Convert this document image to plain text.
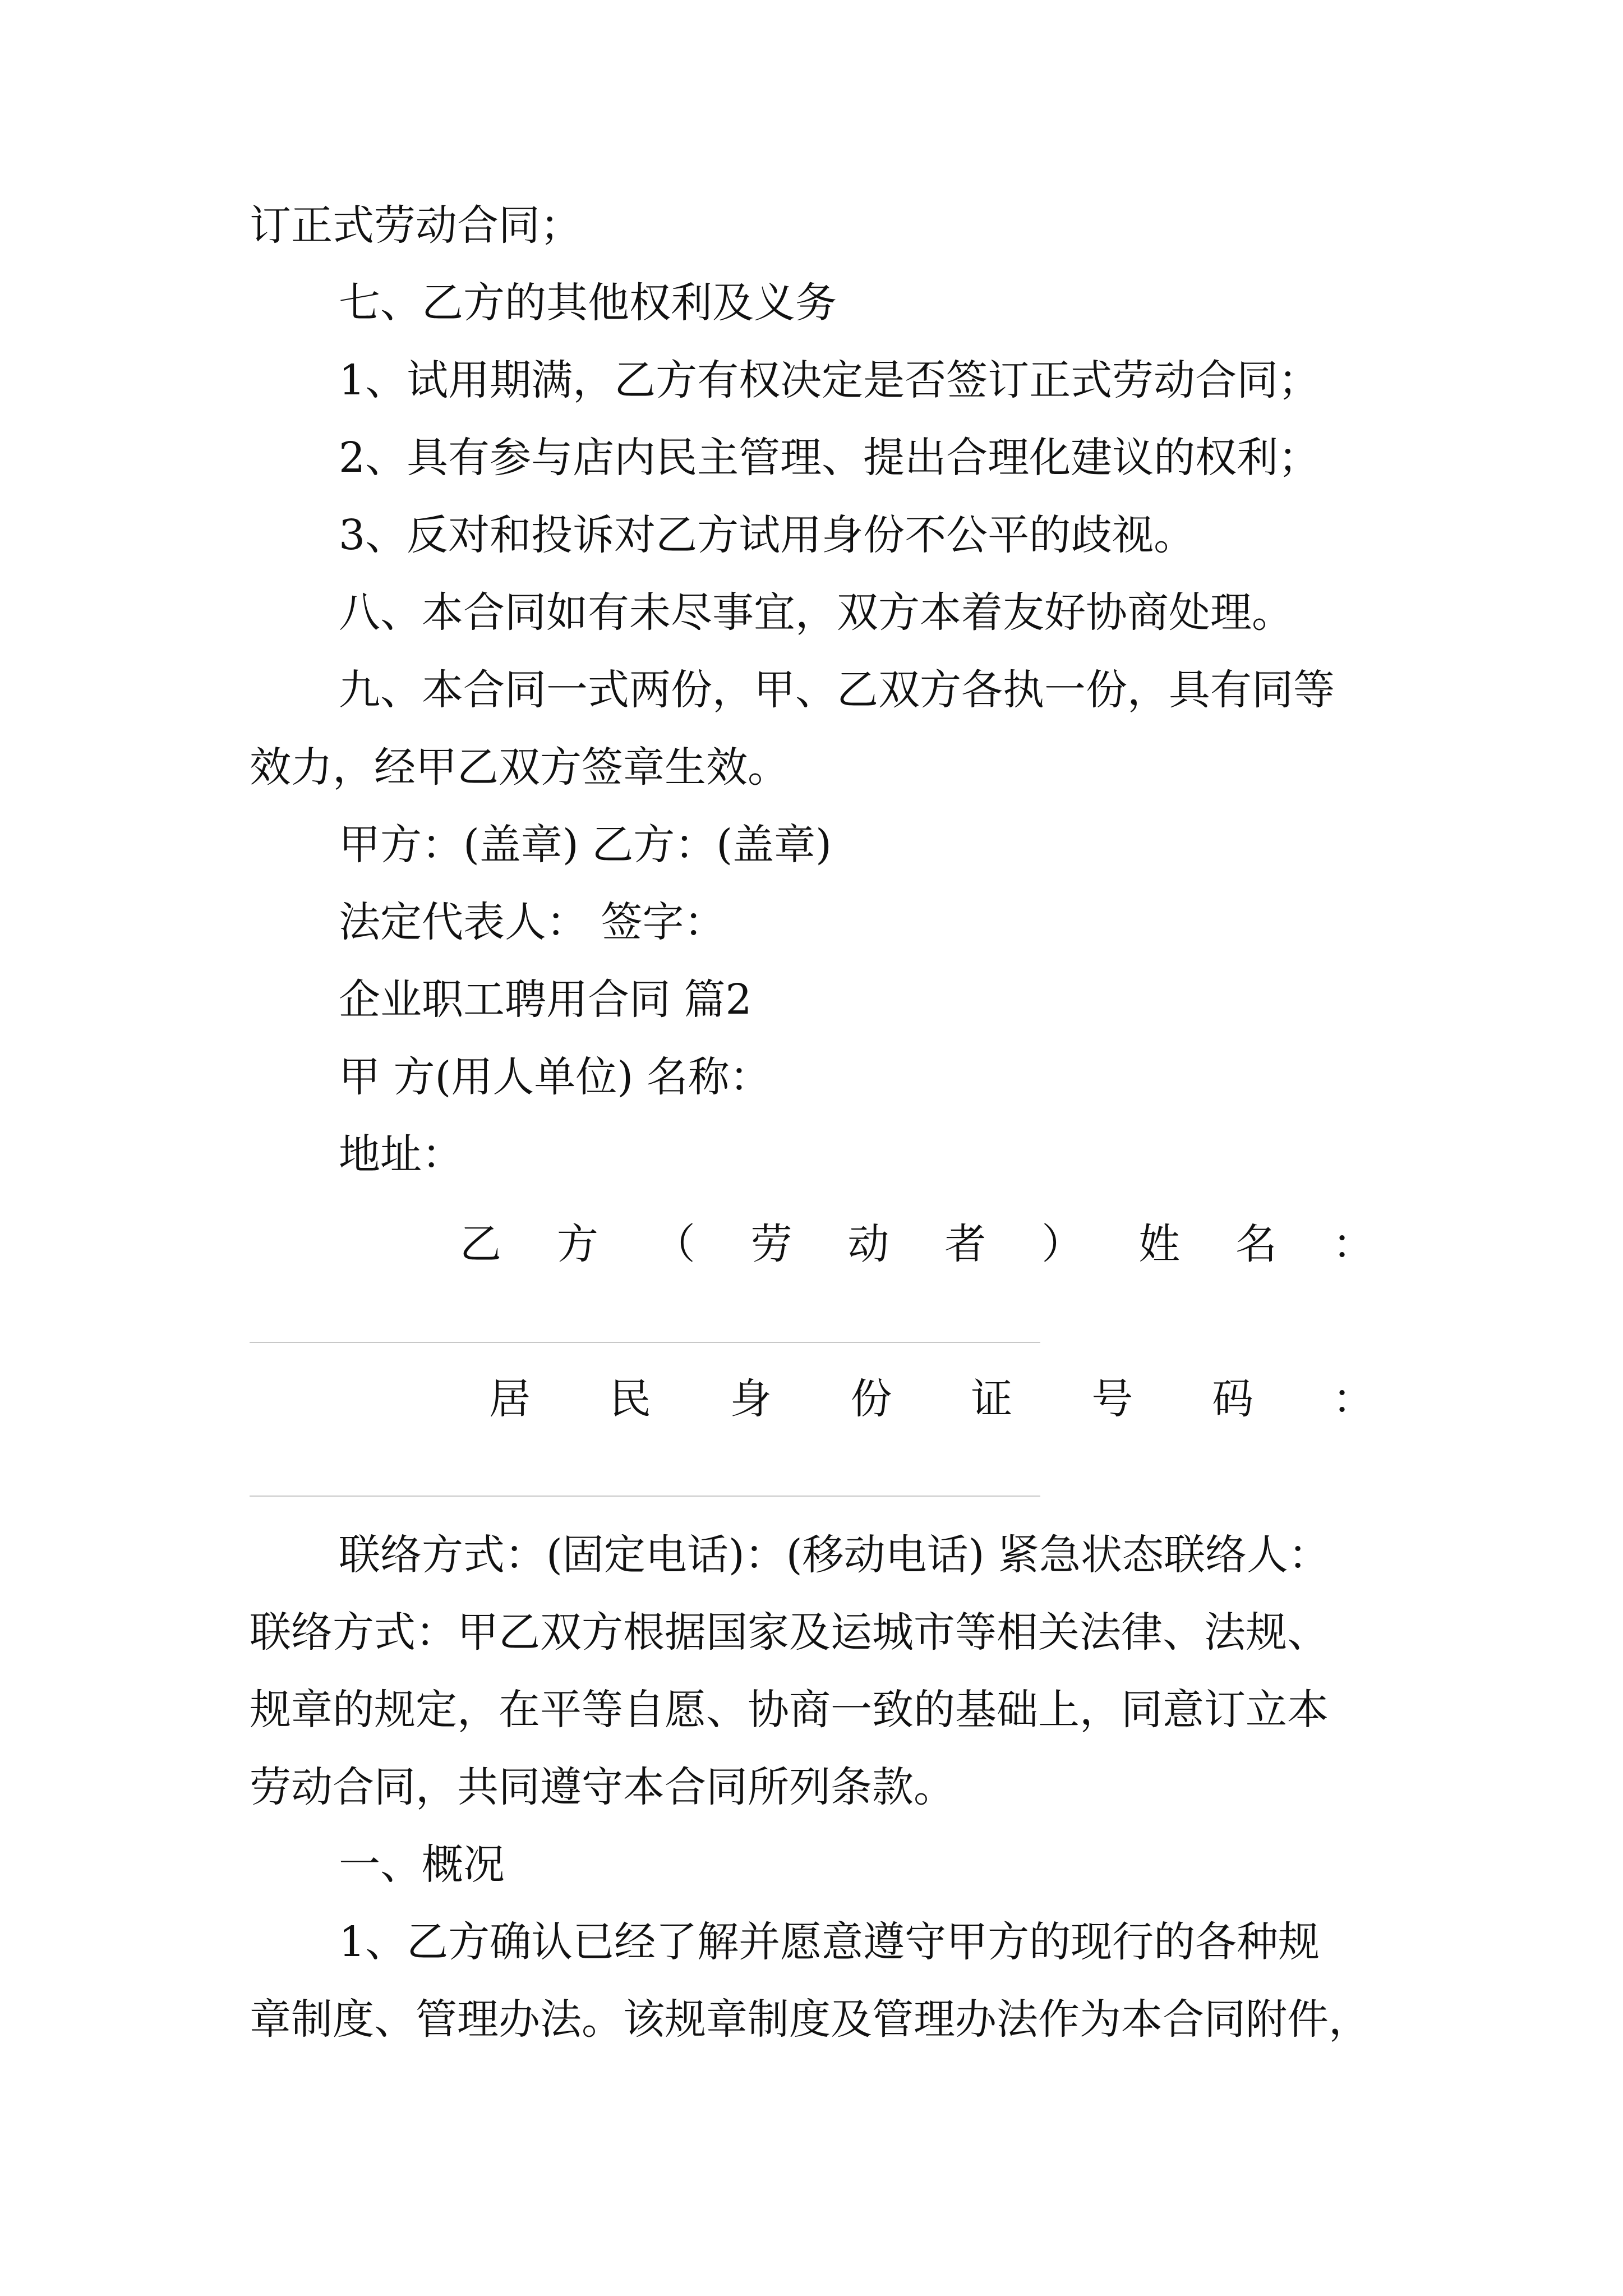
订正式劳动合同；
七、乙方的其他权利及义务
1、试用期满，乙方有权决定是否签订正式劳动合同；
2、具有参与店内民主管理、提出合理化建议的权利；
3、反对和投诉对乙方试用身份不公平的歧视。
八、本合同如有未尽事宜，双方本着友好协商处理。
九、本合同一式两份，甲、乙双方各执一份，具有同等
效力，经甲乙双方签章生效。
甲方：(盖章) 乙方：(盖章)
法定代表人： 签字：
企业职工聘用合同 篇2
甲 方(用人单位) 名称：
地址：
乙 方 （ 劳 动 者 ） 姓 名 ：
居 民 身 份 证 号 码 ：
联络方式：(固定电话)：(移动电话) 紧急状态联络人：
联络方式：甲乙双方根据国家及运城市等相关法律、法规、
规章的规定，在平等自愿、协商一致的基础上，同意订立本
劳动合同，共同遵守本合同所列条款。
一、概况
1、乙方确认已经了解并愿意遵守甲方的现行的各种规
章制度、管理办法。该规章制度及管理办法作为本合同附件，
